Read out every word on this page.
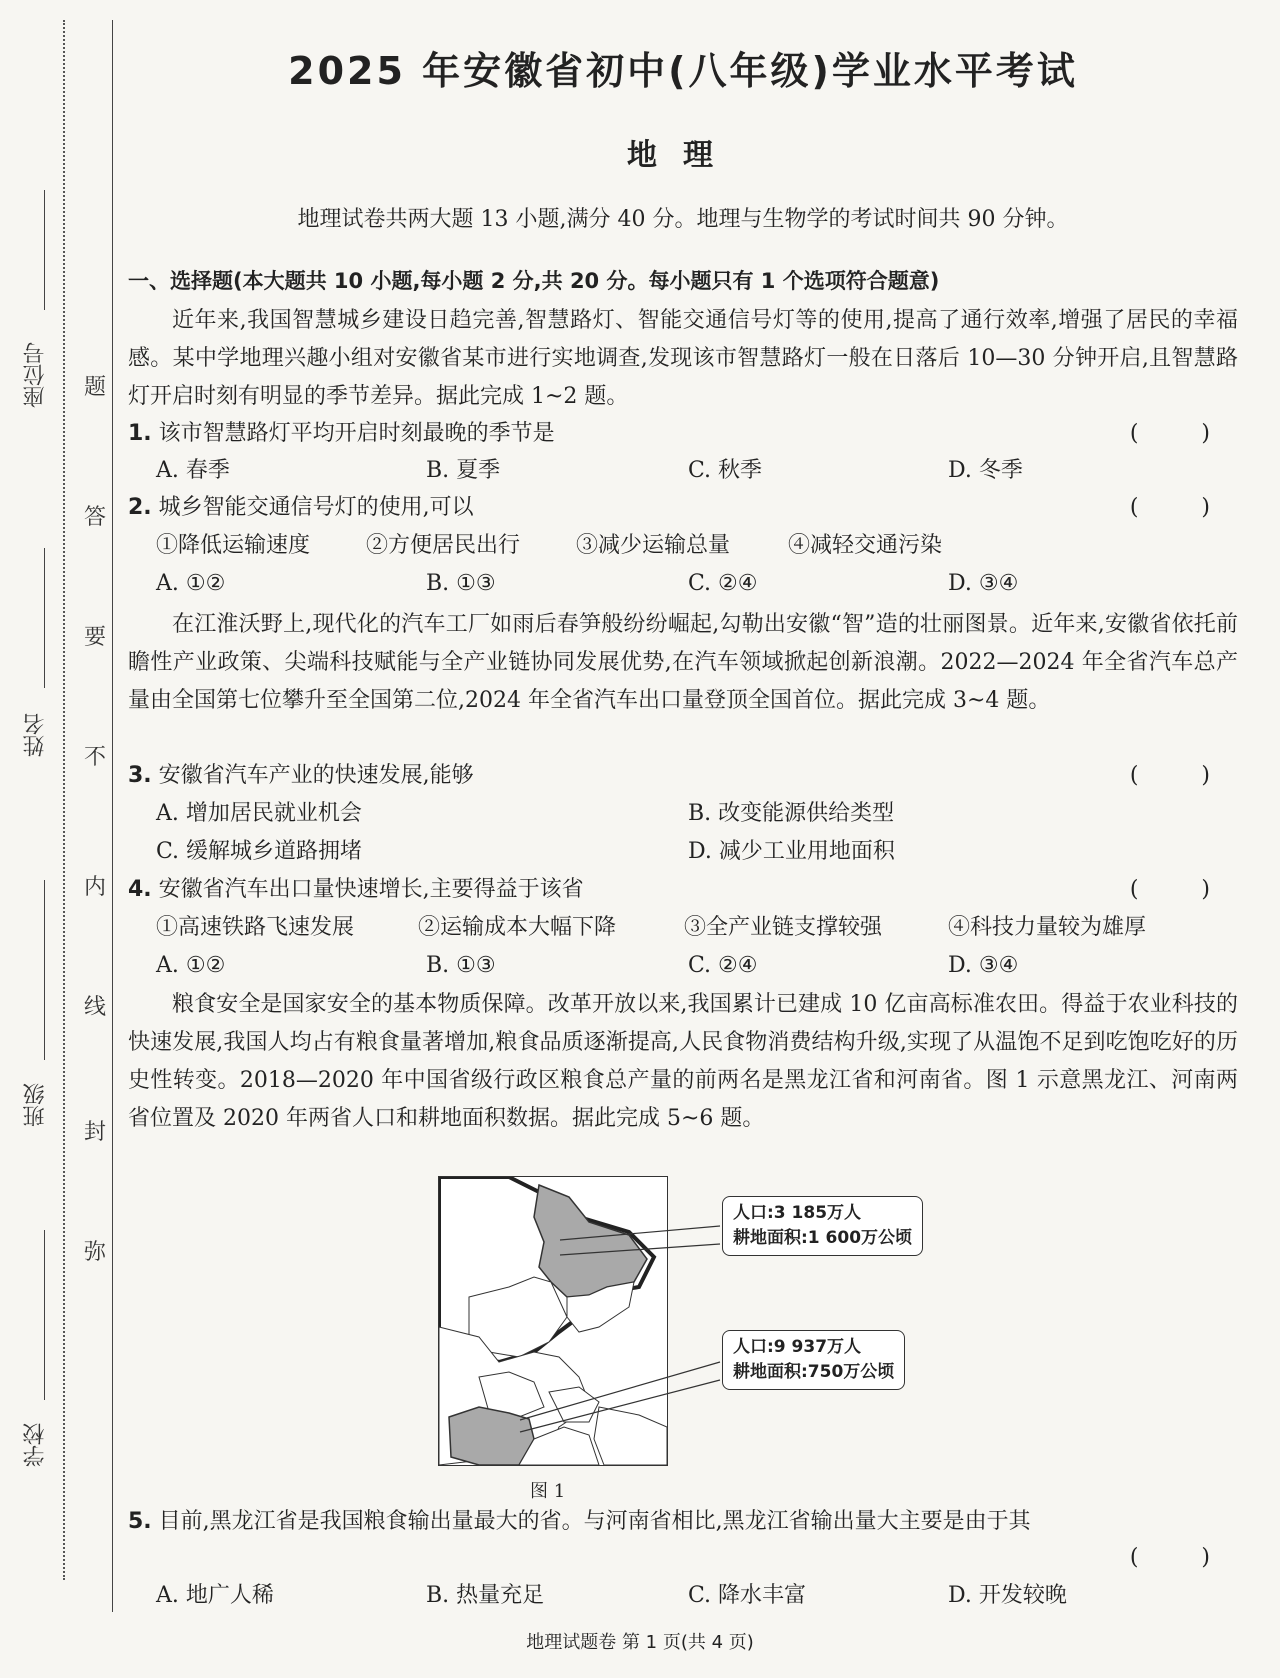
座位号
姓名
班级
学校
题
答
要
不
内
线
封
弥
2025 年安徽省初中(八年级)学业水平考试
地理
地理试卷共两大题 13 小题,满分 40 分。地理与生物学的考试时间共 90 分钟。
一、选择题(本大题共 10 小题,每小题 2 分,共 20 分。每小题只有 1 个选项符合题意)
近年来,我国智慧城乡建设日趋完善,智慧路灯、智能交通信号灯等的使用,提高了通行效率,增强了居民的幸福感。某中学地理兴趣小组对安徽省某市进行实地调查,发现该市智慧路灯一般在日落后 10—30 分钟开启,且智慧路灯开启时刻有明显的季节差异。据此完成 1~2 题。
1. 该市智慧路灯平均开启时刻最晚的季节是	( )
A. 春季	B. 夏季	C. 秋季	D. 冬季
2. 城乡智能交通信号灯的使用,可以	( )
①降低运输速度	②方便居民出行	③减少运输总量	④减轻交通污染
A. ①②	B. ①③	C. ②④	D. ③④
在江淮沃野上,现代化的汽车工厂如雨后春笋般纷纷崛起,勾勒出安徽“智”造的壮丽图景。近年来,安徽省依托前瞻性产业政策、尖端科技赋能与全产业链协同发展优势,在汽车领域掀起创新浪潮。2022—2024 年全省汽车总产量由全国第七位攀升至全国第二位,2024 年全省汽车出口量登顶全国首位。据此完成 3~4 题。
3. 安徽省汽车产业的快速发展,能够	( )
A. 增加居民就业机会	B. 改变能源供给类型
C. 缓解城乡道路拥堵	D. 减少工业用地面积
4. 安徽省汽车出口量快速增长,主要得益于该省	( )
①高速铁路飞速发展	②运输成本大幅下降	③全产业链支撑较强	④科技力量较为雄厚
A. ①②	B. ①③	C. ②④	D. ③④
粮食安全是国家安全的基本物质保障。改革开放以来,我国累计已建成 10 亿亩高标准农田。得益于农业科技的快速发展,我国人均占有粮食量著增加,粮食品质逐渐提高,人民食物消费结构升级,实现了从温饱不足到吃饱吃好的历史性转变。2018—2020 年中国省级行政区粮食总产量的前两名是黑龙江省和河南省。图 1 示意黑龙江、河南两省位置及 2020 年两省人口和耕地面积数据。据此完成 5~6 题。
5. 目前,黑龙江省是我国粮食输出量最大的省。与河南省相比,黑龙江省输出量大主要是由于其
( )
A. 地广人稀	B. 热量充足	C. 降水丰富	D. 开发较晚
人口:3 185万人
耕地面积:1 600万公顷
人口:9 937万人
耕地面积:750万公顷
图 1
地理试题卷 第 1 页(共 4 页)
